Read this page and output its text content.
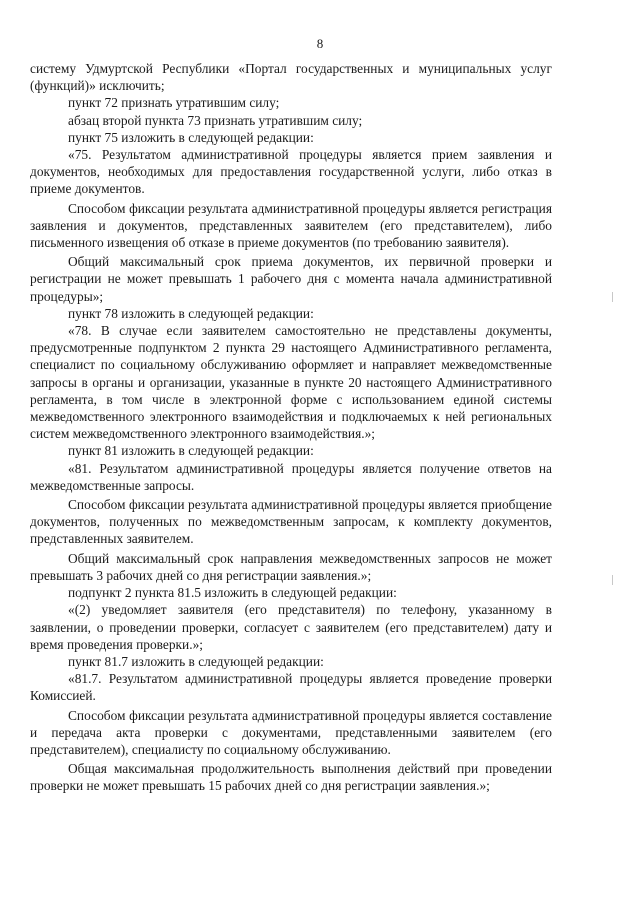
8

системy Удмуртской Республики «Портал государственных и муниципальных услуг (функций)» исключить;

пункт 72 признать утратившим силу;

абзац второй пункта 73 признать утратившим силу;

пункт 75 изложить в следующей редакции:

«75. Результатом административной процедуры является прием заявления и документов, необходимых для предоставления государственной услуги, либо отказ в приеме документов.

Способом фиксации результата административной процедуры является регистрация заявления и документов, представленных заявителем (его представителем), либо письменного извещения об отказе в приеме документов (по требованию заявителя).

Общий максимальный срок приема документов, их первичной проверки и регистрации не может превышать 1 рабочего дня с момента начала административной процедуры»;

пункт 78 изложить в следующей редакции:

«78. В случае если заявителем самостоятельно не представлены документы, предусмотренные подпунктом 2 пункта 29 настоящего Административного регламента, специалист по социальному обслуживанию оформляет и направляет межведомственные запросы в органы и организации, указанные в пункте 20 настоящего Административного регламента, в том числе в электронной форме с использованием единой системы межведомственного электронного взаимодействия и подключаемых к ней региональных систем межведомственного электронного взаимодействия.»;

пункт 81 изложить в следующей редакции:

«81. Результатом административной процедуры является получение ответов на межведомственные запросы.

Способом фиксации результата административной процедуры является приобщение документов, полученных по межведомственным запросам, к комплекту документов, представленных заявителем.

Общий максимальный срок направления межведомственных запросов не может превышать 3 рабочих дней со дня регистрации заявления.»;

подпункт 2 пункта 81.5 изложить в следующей редакции:

«(2) уведомляет заявителя (его представителя) по телефону, указанному в заявлении, о проведении проверки, согласует с заявителем (его представителем) дату и время проведения проверки.»;

пункт 81.7 изложить в следующей редакции:

«81.7. Результатом административной процедуры является проведение проверки Комиссией.

Способом фиксации результата административной процедуры является составление и передача акта проверки с документами, представленными заявителем (его представителем), специалисту по социальному обслуживанию.

Общая максимальная продолжительность выполнения действий при проведении проверки не может превышать 15 рабочих дней со дня регистрации заявления.»;
